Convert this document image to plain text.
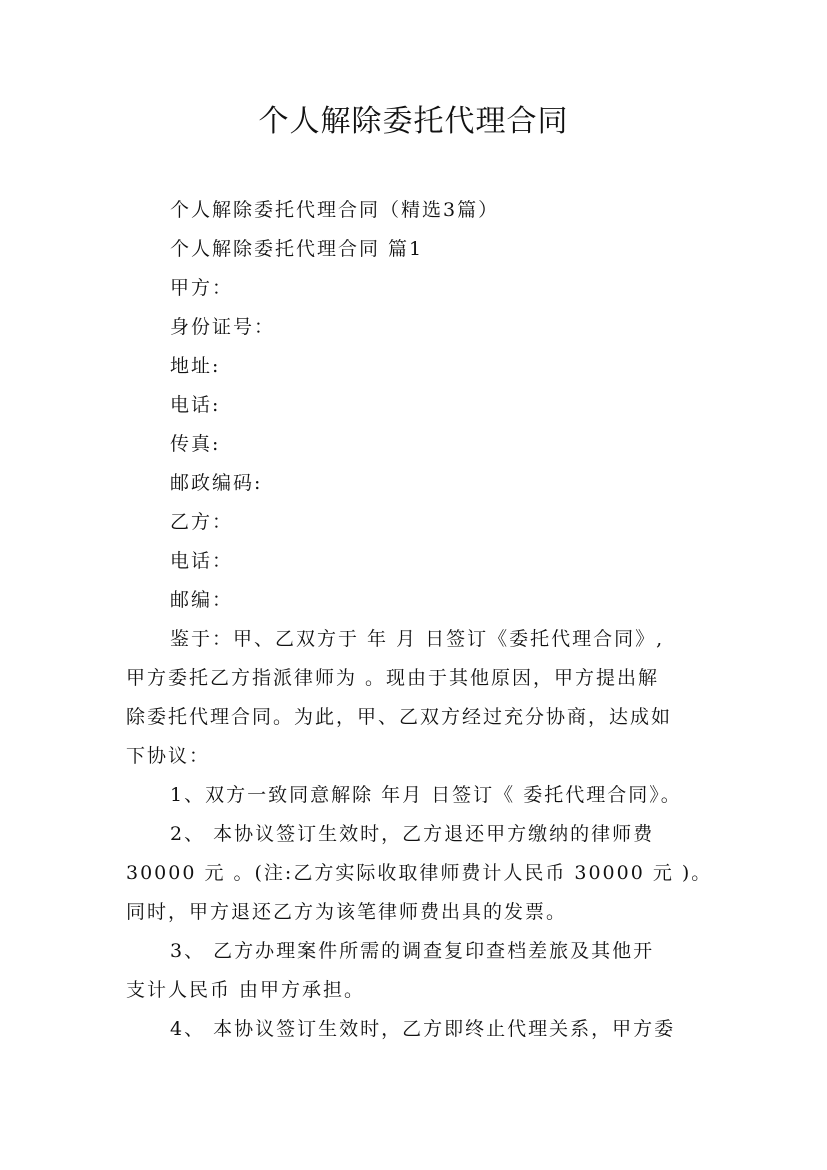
个人解除委托代理合同

个人解除委托代理合同（精选3篇）

个人解除委托代理合同 篇1

甲方：

身份证号：

地址:

电话:

传真:

邮政编码:

乙方：

电话：

邮编：

鉴于：甲、乙双方于 年 月 日签订《委托代理合同》,

甲方委托乙方指派律师为 。现由于其他原因，甲方提出解

除委托代理合同。为此，甲、乙双方经过充分协商，达成如

下协议：

1、双方一致同意解除 年月 日签订《 委托代理合同》。

2、 本协议签订生效时，乙方退还甲方缴纳的律师费

30000 元 。(注:乙方实际收取律师费计人民币 30000 元 )。

同时，甲方退还乙方为该笔律师费出具的发票。

3、 乙方办理案件所需的调查复印查档差旅及其他开

支计人民币 由甲方承担。

4、 本协议签订生效时，乙方即终止代理关系，甲方委
